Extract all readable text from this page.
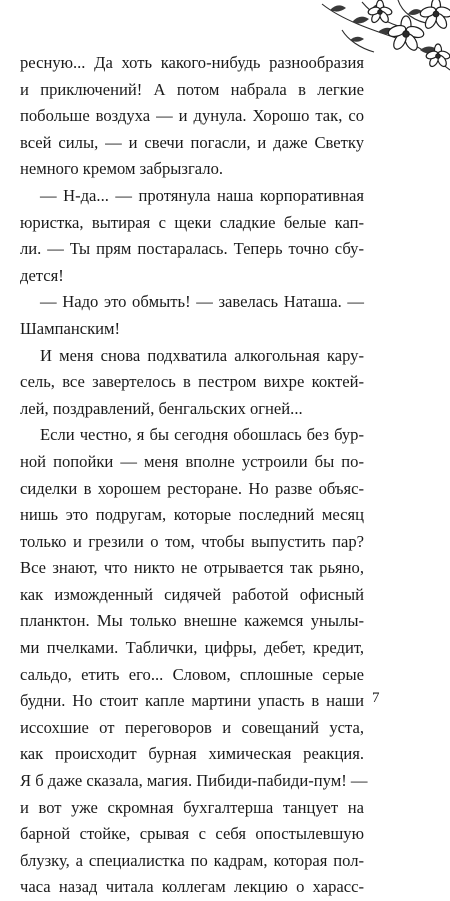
ресную... Да хоть какого-нибудь разнообразия
и приключений! А потом набрала в легкие
побольше воздуха — и дунула. Хорошо так, со
всей силы, — и свечи погасли, и даже Светку
немного кремом забрызгало.
— Н-да... — протянула наша корпоративная
юристка, вытирая с щеки сладкие белые кап-
ли. — Ты прям постаралась. Теперь точно сбу-
дется!
— Надо это обмыть! — завелась Наташа. —
Шампанским!
И меня снова подхватила алкогольная кару-
сель, все завертелось в пестром вихре коктей-
лей, поздравлений, бенгальских огней...
Если честно, я бы сегодня обошлась без бур-
ной попойки — меня вполне устроили бы по-
сиделки в хорошем ресторане. Но разве объяс-
нишь это подругам, которые последний месяц
только и грезили о том, чтобы выпустить пар?
Все знают, что никто не отрывается так рьяно,
как изможденный сидячей работой офисный
планктон. Мы только внешне кажемся унылы-
ми пчелками. Таблички, цифры, дебет, кредит,
сальдо, етить его... Словом, сплошные серые
будни. Но стоит капле мартини упасть в наши
иссохшие от переговоров и совещаний уста,
как происходит бурная химическая реакция.
Я б даже сказала, магия. Пибиди-пабиди-пум! —
и вот уже скромная бухгалтерша танцует на
барной стойке, срывая с себя опостылевшую
блузку, а специалистка по кадрам, которая пол-
часа назад читала коллегам лекцию о харасс-
7
